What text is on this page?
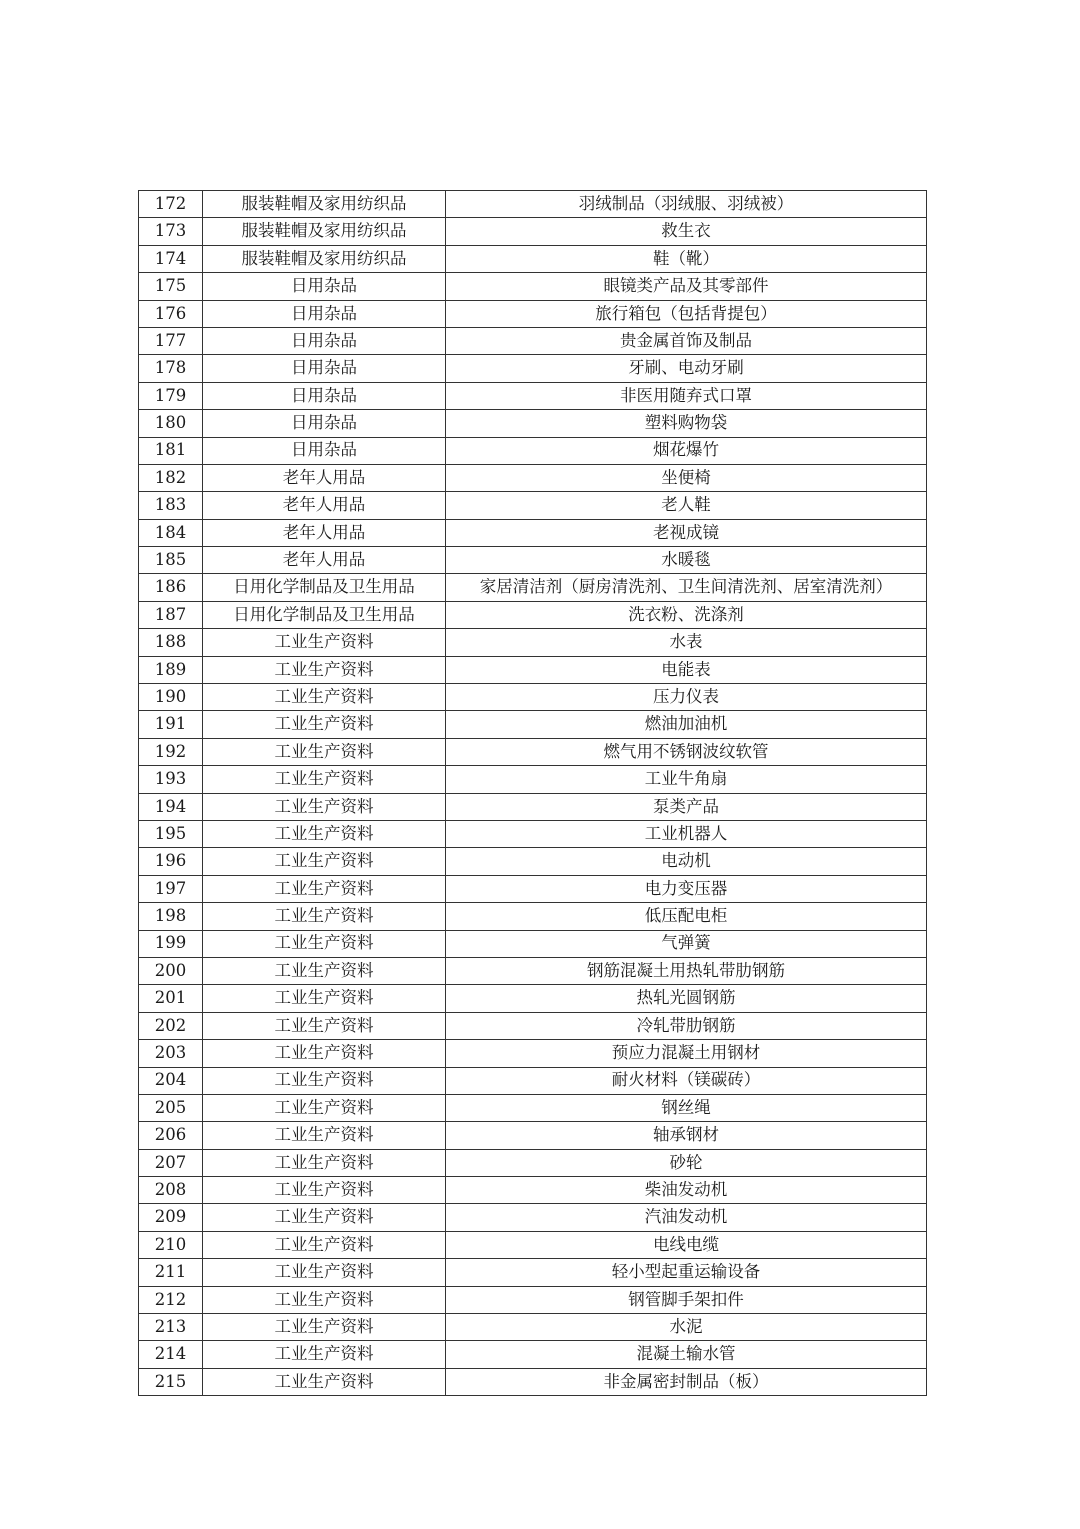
172	服装鞋帽及家用纺织品	羽绒制品（羽绒服、羽绒被）
173	服装鞋帽及家用纺织品	救生衣
174	服装鞋帽及家用纺织品	鞋（靴）
175	日用杂品	眼镜类产品及其零部件
176	日用杂品	旅行箱包（包括背提包）
177	日用杂品	贵金属首饰及制品
178	日用杂品	牙刷、电动牙刷
179	日用杂品	非医用随弃式口罩
180	日用杂品	塑料购物袋
181	日用杂品	烟花爆竹
182	老年人用品	坐便椅
183	老年人用品	老人鞋
184	老年人用品	老视成镜
185	老年人用品	水暖毯
186	日用化学制品及卫生用品	家居清洁剂（厨房清洗剂、卫生间清洗剂、居室清洗剂）
187	日用化学制品及卫生用品	洗衣粉、洗涤剂
188	工业生产资料	水表
189	工业生产资料	电能表
190	工业生产资料	压力仪表
191	工业生产资料	燃油加油机
192	工业生产资料	燃气用不锈钢波纹软管
193	工业生产资料	工业牛角扇
194	工业生产资料	泵类产品
195	工业生产资料	工业机器人
196	工业生产资料	电动机
197	工业生产资料	电力变压器
198	工业生产资料	低压配电柜
199	工业生产资料	气弹簧
200	工业生产资料	钢筋混凝土用热轧带肋钢筋
201	工业生产资料	热轧光圆钢筋
202	工业生产资料	冷轧带肋钢筋
203	工业生产资料	预应力混凝土用钢材
204	工业生产资料	耐火材料（镁碳砖）
205	工业生产资料	钢丝绳
206	工业生产资料	轴承钢材
207	工业生产资料	砂轮
208	工业生产资料	柴油发动机
209	工业生产资料	汽油发动机
210	工业生产资料	电线电缆
211	工业生产资料	轻小型起重运输设备
212	工业生产资料	钢管脚手架扣件
213	工业生产资料	水泥
214	工业生产资料	混凝土输水管
215	工业生产资料	非金属密封制品（板）
